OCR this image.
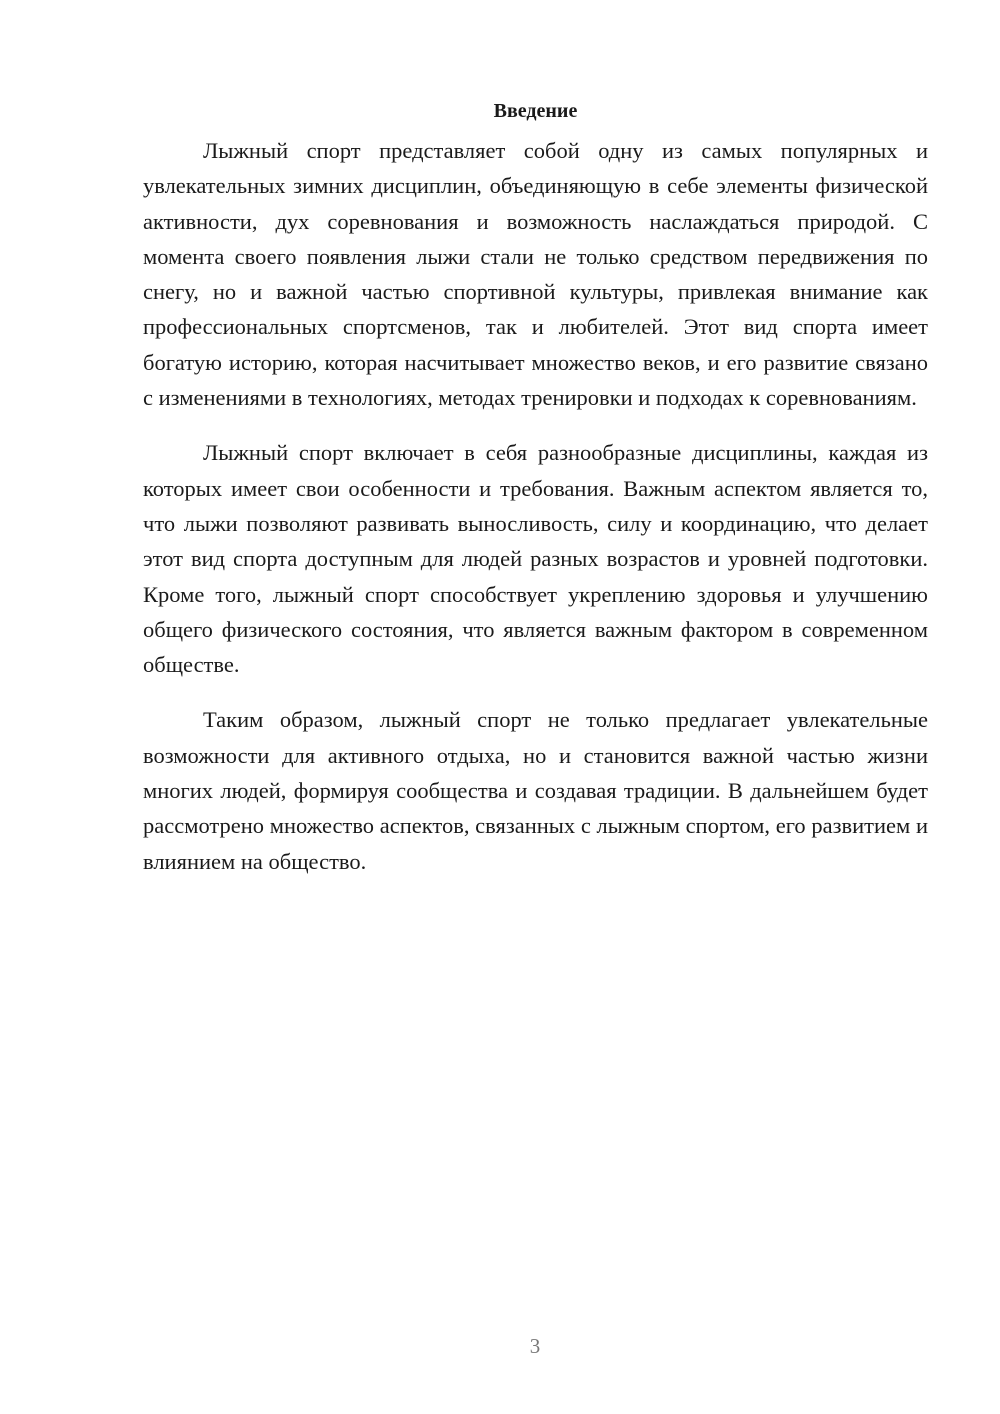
Введение

Лыжный спорт представляет собой одну из самых популярных и увлекательных зимних дисциплин, объединяющую в себе элементы физической активности, дух соревнования и возможность наслаждаться природой. С момента своего появления лыжи стали не только средством передвижения по снегу, но и важной частью спортивной культуры, привлекая внимание как профессиональных спортсменов, так и любителей. Этот вид спорта имеет богатую историю, которая насчитывает множество веков, и его развитие связано с изменениями в технологиях, методах тренировки и подходах к соревнованиям.

Лыжный спорт включает в себя разнообразные дисциплины, каждая из которых имеет свои особенности и требования. Важным аспектом является то, что лыжи позволяют развивать выносливость, силу и координацию, что делает этот вид спорта доступным для людей разных возрастов и уровней подготовки. Кроме того, лыжный спорт способствует укреплению здоровья и улучшению общего физического состояния, что является важным фактором в современном обществе.

Таким образом, лыжный спорт не только предлагает увлекательные возможности для активного отдыха, но и становится важной частью жизни многих людей, формируя сообщества и создавая традиции. В дальнейшем будет рассмотрено множество аспектов, связанных с лыжным спортом, его развитием и влиянием на общество.

3
